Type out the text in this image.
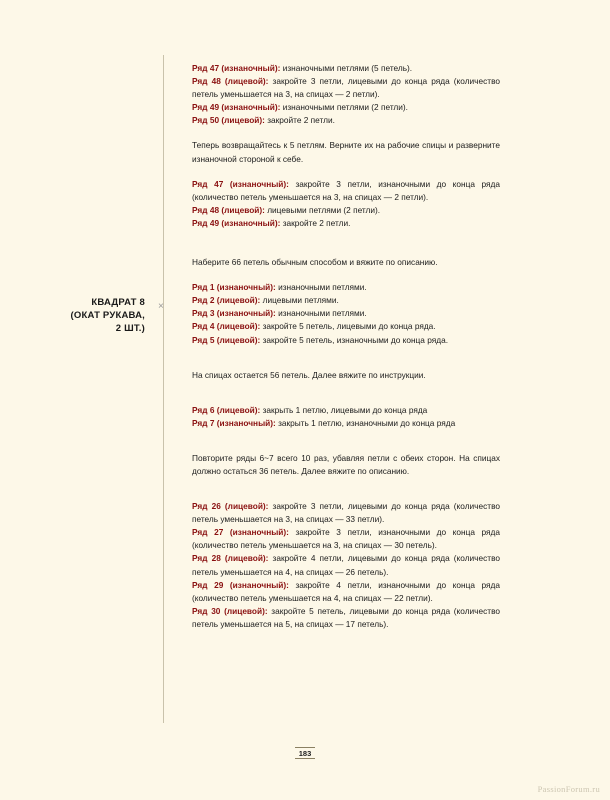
×
КВАДРАТ 8
(ОКАТ РУКАВА,
2 ШТ.)

Ряд 47 (изнаночный): изнаночными петлями (5 петель).

Ряд 48 (лицевой): закройте 3 петли, лицевыми до конца ряда (количество петель уменьшается на 3, на спицах — 2 петли).

Ряд 49 (изнаночный): изнаночными петлями (2 петли).

Ряд 50 (лицевой): закройте 2 петли.

Теперь возвращайтесь к 5 петлям. Верните их на рабочие спицы и разверните изнаночной стороной к себе.

Ряд 47 (изнаночный): закройте 3 петли, изнаночными до конца ряда (количество петель уменьшается на 3, на спицах — 2 петли).

Ряд 48 (лицевой): лицевыми петлями (2 петли).

Ряд 49 (изнаночный): закройте 2 петли.

Наберите 66 петель обычным способом и вяжите по описанию.

Ряд 1 (изнаночный): изнаночными петлями.

Ряд 2 (лицевой): лицевыми петлями.

Ряд 3 (изнаночный): изнаночными петлями.

Ряд 4 (лицевой): закройте 5 петель, лицевыми до конца ряда.

Ряд 5 (лицевой): закройте 5 петель, изнаночными до конца ряда.

На спицах остается 56 петель. Далее вяжите по инструкции.

Ряд 6 (лицевой): закрыть 1 петлю, лицевыми до конца ряда

Ряд 7 (изнаночный): закрыть 1 петлю, изнаночными до конца ряда

Повторите ряды 6~7 всего 10 раз, убавляя петли с обеих сторон. На спицах должно остаться 36 петель. Далее вяжите по описанию.

Ряд 26 (лицевой): закройте 3 петли, лицевыми до конца ряда (количество петель уменьшается на 3, на спицах — 33 петли).

Ряд 27 (изнаночный): закройте 3 петли, изнаночными до конца ряда (количество петель уменьшается на 3, на спицах — 30 петель).

Ряд 28 (лицевой): закройте 4 петли, лицевыми до конца ряда (количество петель уменьшается на 4, на спицах — 26 петель).

Ряд 29 (изнаночный): закройте 4 петли, изнаночными до конца ряда (количество петель уменьшается на 4, на спицах — 22 петли).

Ряд 30 (лицевой): закройте 5 петель, лицевыми до конца ряда (количество петель уменьшается на 5, на спицах — 17 петель).

183
PassionForum.ru
